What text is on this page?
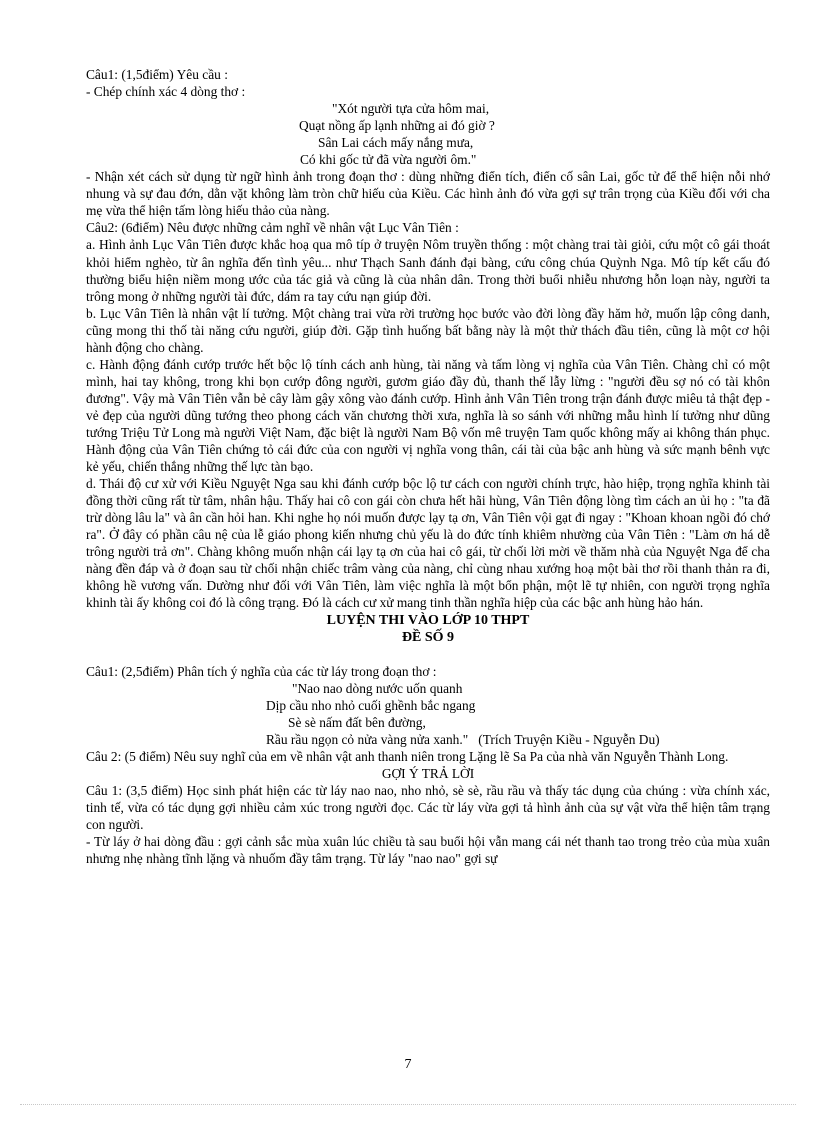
Câu1: (1,5điểm) Yêu cầu :

- Chép chính xác 4 dòng thơ :

"Xót người tựa cửa hôm mai,

Quạt nồng ấp lạnh những ai đó giờ ?

Sân Lai cách mấy nắng mưa,

Có khi gốc tử đã vừa người ôm."

- Nhận xét cách sử dụng từ ngữ hình ảnh trong đoạn thơ : dùng những điển tích, điển cố sân Lai, gốc tử để thể hiện nỗi nhớ nhung và sự đau đớn, dằn vặt không làm tròn chữ hiếu của Kiều. Các hình ảnh đó vừa gợi sự trân trọng của Kiều đối với cha mẹ vừa thể hiện tấm lòng hiếu thảo của nàng.

Câu2: (6điểm) Nêu được những cảm nghĩ về nhân vật Lục Vân Tiên :

a. Hình ảnh Lục Vân Tiên được khắc hoạ qua mô típ ở truyện Nôm truyền thống : một chàng trai tài giỏi, cứu một cô gái thoát khỏi hiểm nghèo, từ ân nghĩa đến tình yêu... như Thạch Sanh đánh đại bàng, cứu công chúa Quỳnh Nga. Mô típ kết cấu đó thường biểu hiện niềm mong ước của tác giả và cũng là của nhân dân. Trong thời buổi nhiễu nhương hỗn loạn này, người ta trông mong ở những người tài đức, dám ra tay cứu nạn giúp đời.

b. Lục Vân Tiên là nhân vật lí tưởng. Một chàng trai vừa rời trường học bước vào đời lòng đầy hăm hở, muốn lập công danh, cũng mong thi thố tài năng cứu người, giúp đời. Gặp tình huống bất bằng này là một thử thách đầu tiên, cũng là một cơ hội hành động cho chàng.

c. Hành động đánh cướp trước hết bộc lộ tính cách anh hùng, tài năng và tấm lòng vị nghĩa của Vân Tiên. Chàng chỉ có một mình, hai tay không, trong khi bọn cướp đông người, gươm giáo đầy đủ, thanh thế lẫy lừng : "người đều sợ nó có tài khôn đương". Vậy mà Vân Tiên vẫn bẻ cây làm gậy xông vào đánh cướp. Hình ảnh Vân Tiên trong trận đánh được miêu tả thật đẹp - vẻ đẹp của người dũng tướng theo phong cách văn chương thời xưa, nghĩa là so sánh với những mẫu hình lí tưởng như dũng tướng Triệu Tử Long mà người Việt Nam, đặc biệt là người Nam Bộ vốn mê truyện Tam quốc không mấy ai không thán phục. Hành động của Vân Tiên chứng tỏ cái đức của con người vị nghĩa vong thân, cái tài của bậc anh hùng và sức mạnh bênh vực kẻ yếu, chiến thắng những thế lực tàn bạo.

d. Thái độ cư xử với Kiều Nguyệt Nga sau khi đánh cướp bộc lộ tư cách con người chính trực, hào hiệp, trọng nghĩa khinh tài đồng thời cũng rất từ tâm, nhân hậu. Thấy hai cô con gái còn chưa hết hãi hùng, Vân Tiên động lòng tìm cách an ủi họ : "ta đã trừ dòng lâu la" và ân cần hỏi han. Khi nghe họ nói muốn được lạy tạ ơn, Vân Tiên vội gạt đi ngay : "Khoan khoan ngồi đó chớ ra". Ở đây có phần câu nệ của lễ giáo phong kiến nhưng chủ yếu là do đức tính khiêm nhường của Vân Tiên : "Làm ơn há dễ trông người trả ơn". Chàng không muốn nhận cái lạy tạ ơn của hai cô gái, từ chối lời mời về thăm nhà của Nguyệt Nga để cha nàng đền đáp và ở đoạn sau từ chối nhận chiếc trâm vàng của nàng, chỉ cùng nhau xướng hoạ một bài thơ rồi thanh thản ra đi, không hề vương vấn. Dường như đối với Vân Tiên, làm việc nghĩa là một bổn phận, một lẽ tự nhiên, con người trọng nghĩa khinh tài ấy không coi đó là công trạng. Đó là cách cư xử mang tinh thần nghĩa hiệp của các bậc anh hùng hảo hán.

LUYỆN THI VÀO LỚP 10 THPT

ĐỀ SỐ 9

Câu1: (2,5điểm) Phân tích ý nghĩa của các từ láy trong đoạn thơ :

"Nao nao dòng nước uốn quanh

Dịp cầu nho nhỏ cuối ghềnh bắc ngang

Sè sè nấm đất bên đường,

Rầu rầu ngọn cỏ nửa vàng nửa xanh." (Trích Truyện Kiều - Nguyễn Du)

Câu 2: (5 điểm) Nêu suy nghĩ của em về nhân vật anh thanh niên trong Lặng lẽ Sa Pa của nhà văn Nguyễn Thành Long.

GỢI Ý TRẢ LỜI

Câu 1: (3,5 điểm) Học sinh phát hiện các từ láy nao nao, nho nhỏ, sè sè, rầu rầu và thấy tác dụng của chúng : vừa chính xác, tinh tế, vừa có tác dụng gợi nhiều cảm xúc trong người đọc. Các từ láy vừa gợi tả hình ảnh của sự vật vừa thể hiện tâm trạng con người.

- Từ láy ở hai dòng đầu : gợi cảnh sắc mùa xuân lúc chiều tà sau buổi hội vẫn mang cái nét thanh tao trong trẻo của mùa xuân nhưng nhẹ nhàng tĩnh lặng và nhuốm đầy tâm trạng. Từ láy "nao nao" gợi sự

7
